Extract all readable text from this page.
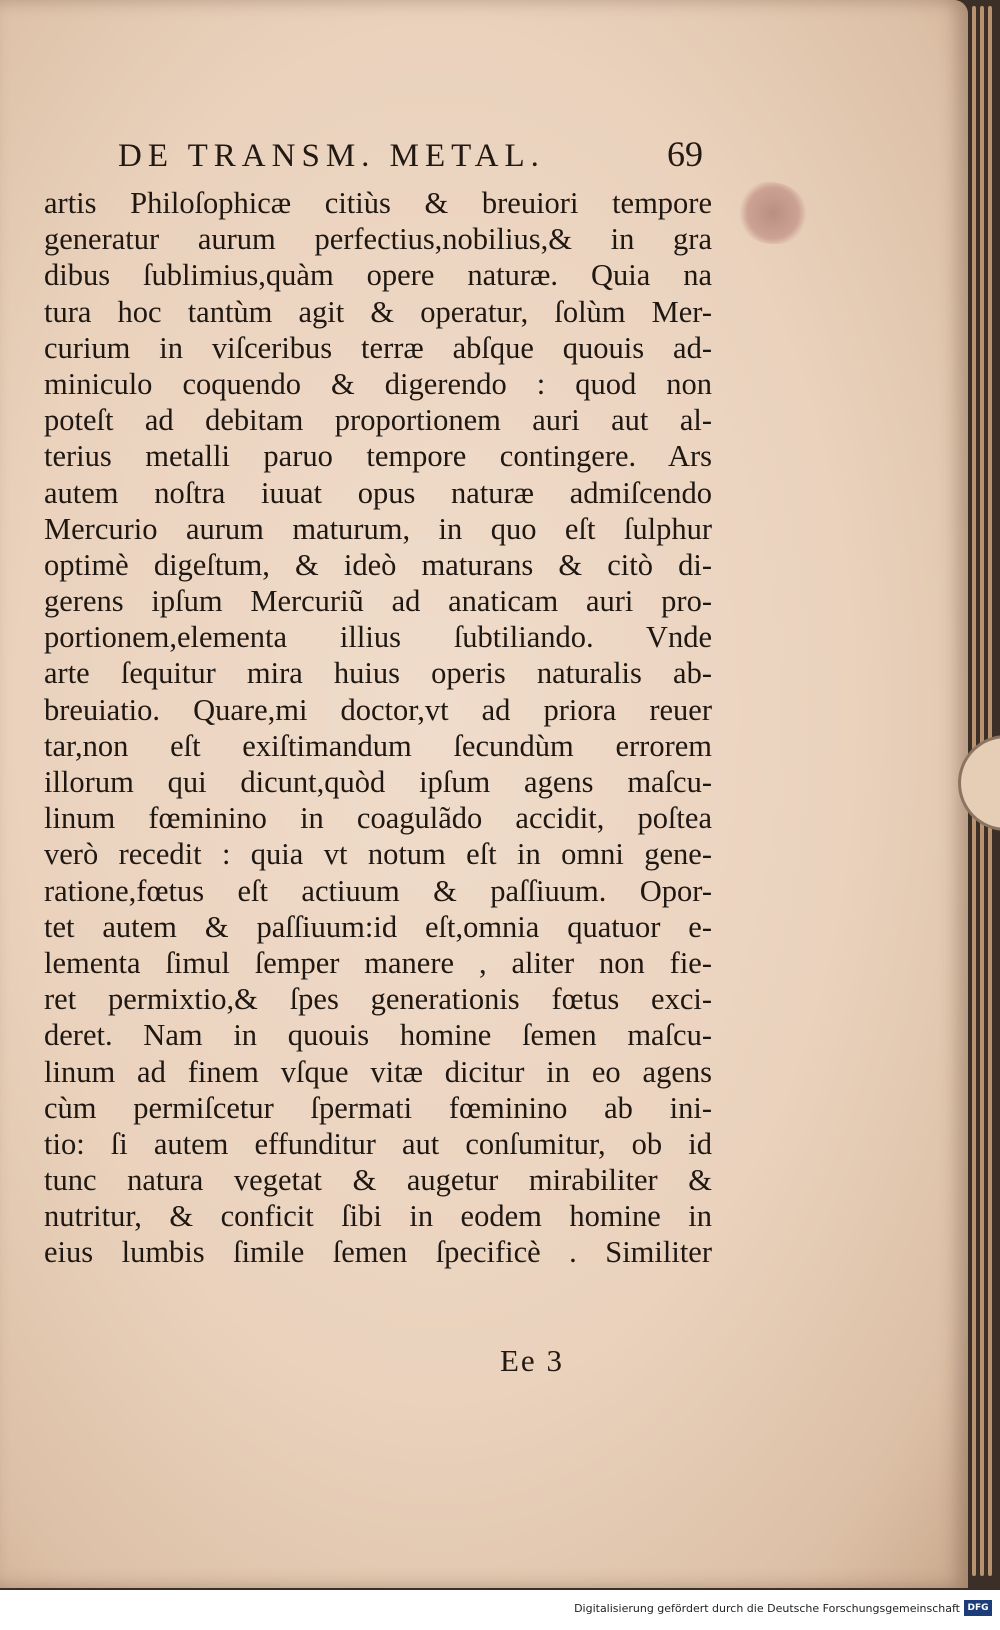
DE TRANSM. METAL.	69
artis Philoſophicæ citiùs & breuiori tempore
generatur aurum perfectius,nobilius,& in gra
dibus ſublimius,quàm opere naturæ. Quia na
tura hoc tantùm agit & operatur, ſolùm Mer-
curium in viſceribus terræ abſque quouis ad-
miniculo coquendo & digerendo : quod non
poteſt ad debitam proportionem auri aut al-
terius metalli paruo tempore contingere. Ars
autem noſtra iuuat opus naturæ admiſcendo
Mercurio aurum maturum, in quo eſt ſulphur
optimè digeſtum, & ideò maturans & citò di-
gerens ipſum Mercuriũ ad anaticam auri pro-
portionem,elementa illius ſubtiliando. Vnde
arte ſequitur mira huius operis naturalis ab-
breuiatio. Quare,mi doctor,vt ad priora reuer
tar,non eſt exiſtimandum ſecundùm errorem
illorum qui dicunt,quòd ipſum agens maſcu-
linum fœminino in coagulãdo accidit, poſtea
verò recedit : quia vt notum eſt in omni gene-
ratione,fœtus eſt actiuum & paſſiuum. Opor-
tet autem & paſſiuum:id eſt,omnia quatuor e-
lementa ſimul ſemper manere , aliter non fie-
ret permixtio,& ſpes generationis fœtus exci-
deret. Nam in quouis homine ſemen maſcu-
linum ad finem vſque vitæ dicitur in eo agens
cùm permiſcetur ſpermati fœminino ab ini-
tio: ſi autem effunditur aut conſumitur, ob id
tunc natura vegetat & augetur mirabiliter &
nutritur, & conficit ſibi in eodem homine in
eius lumbis ſimile ſemen ſpecificè . Similiter
Ee 3
Digitalisierung gefördert durch die Deutsche Forschungsgemeinschaft DFG
